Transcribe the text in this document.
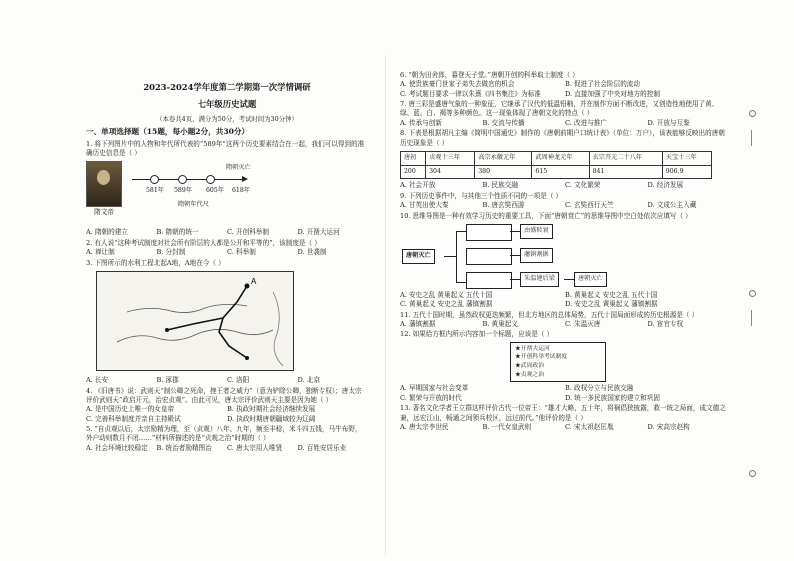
2023-2024学年度第二学期第一次学情调研
七年级历史试题
（本卷共4页，满分为50分，考试时间为30分钟）
一、单项选择题（15题，每小题2分，共30分）
1. 将下列图片中的人物和年代所代表的“589年”这两个历史要素结合在一起，我们可以得到的准确历史信息是（ ）
隋文帝
581年 589年 605年 618年
隋朝灭亡
隋朝年代尺
A. 隋朝的建立	B. 隋朝的统一	C. 开创科举制	D. 开凿大运河
2. 有人说“这种考试制度对社会所有阶层的人都是公开和平等的”，该制度是（ ）
A. 禅让制	B. 分封制	C. 科举制	D. 世袭制
3. 下图所示的水利工程北起A地，A地在今（ ）
A
A. 长安	B. 涿郡	C. 洛阳	D. 北京
4. 《旧唐书》说：武则天“制公卿之死命，挫王者之威力”（意为铲除公卿，独断专权）；唐太宗评价武则天“政启开元，治宏贞观”。由此可见，唐太宗评价武则天主要是因为她（ ）
A. 是中国历史上唯一的女皇帝	B. 执政时期社会经济继续发展
C. 完善科举制度并亲自主持殿试	D. 执政时期唐朝疆域较为辽阔
5. “自贞观以后，太宗励精为理，至（贞观）八年、九年，频至丰稔，米斗四五钱，马牛布野，外户动则数月不闭……”材料所描述的是“贞观之治”时期的（ ）
A. 社会环境比较稳定	B. 统治者励精图治	C. 唐太宗用人唯贤	D. 百姓安居乐业
6. “朝为田舍郎，暮登天子堂。”唐朝开创的科举取士制度（ ）
A. 使贵族豪门世家子弟失去做官的机会	B. 促进了社会阶层的流动
C. 考试题目要求一律以朱熹《四书集注》为标准	D. 直接加强了中央对地方的控制
7. 唐三彩是盛唐气象的一种象征，它继承了汉代的低温铅釉，并在制作方面不断改进，又创造性地使用了黄、绿、蓝、白、褐等多种颜色。这一现象体现了唐朝文化的特点（ ）
A. 传承与创新	B. 交流与传播	C. 改进与推广	D. 开放与互鉴
8. 下表是根据胡凡主编《简明中国通史》制作的《唐朝前期户口统计表》（单位：万户），该表能够反映出的唐朝历史现象是（ ）
唐初	贞观十三年	高宗永徽元年	武周神龙元年	玄宗开元二十八年	天宝十三年
200	304	380	615	841	906.9
A. 社会开放	B. 民族交融	C. 文化繁荣	D. 经济发展
9. 下列历史事件中，与其他三个性质不同的一项是（ ）
A. 甘英出使大秦	B. 唐玄奘西游	C. 玄奘西行天竺	D. 文成公主入藏
10. 思维导图是一种有效学习历史的重要工具，下面“唐朝衰亡”的思维导图中空白处依次应填写（ ）
唐朝灭亡
由盛转衰
藩镇割据
朱温建后梁	唐朝灭亡
A. 安史之乱 黄巢起义 五代十国	B. 黄巢起义 安史之乱 五代十国
C. 黄巢起义 安史之乱 藩镇割据	D. 安史之乱 黄巢起义 藩镇割据
11. 五代十国时期，虽然政权更迭频繁，但北方地区的总体局势，五代十国局面形成的历史根源是（ ）
A. 藩镇割据	B. 黄巢起义	C. 朱温灭唐	D. 宦官专权
12. 如果给方框内所示内容加一个标题，应该是（ ）
★开凿大运河
★开创科举考试制度
★武周政治
★贞观之治
A. 早期国家与社会变革	B. 政权分立与民族交融
C. 繁荣与开放的时代	D. 统一多民族国家的建立和巩固
13. 著名文化学者王立群这样评价古代一位帝王：“雄才大略，五十年，将祸倡狭披露，救一统之局面，成文德之兼，远宏江山，畅通之间领兵校区，远过前代。”他评价的是（ ）
A. 唐太宗李世民	B. 一代女皇武则	C. 宋太祖赵匡胤	D. 宋高宗赵构
